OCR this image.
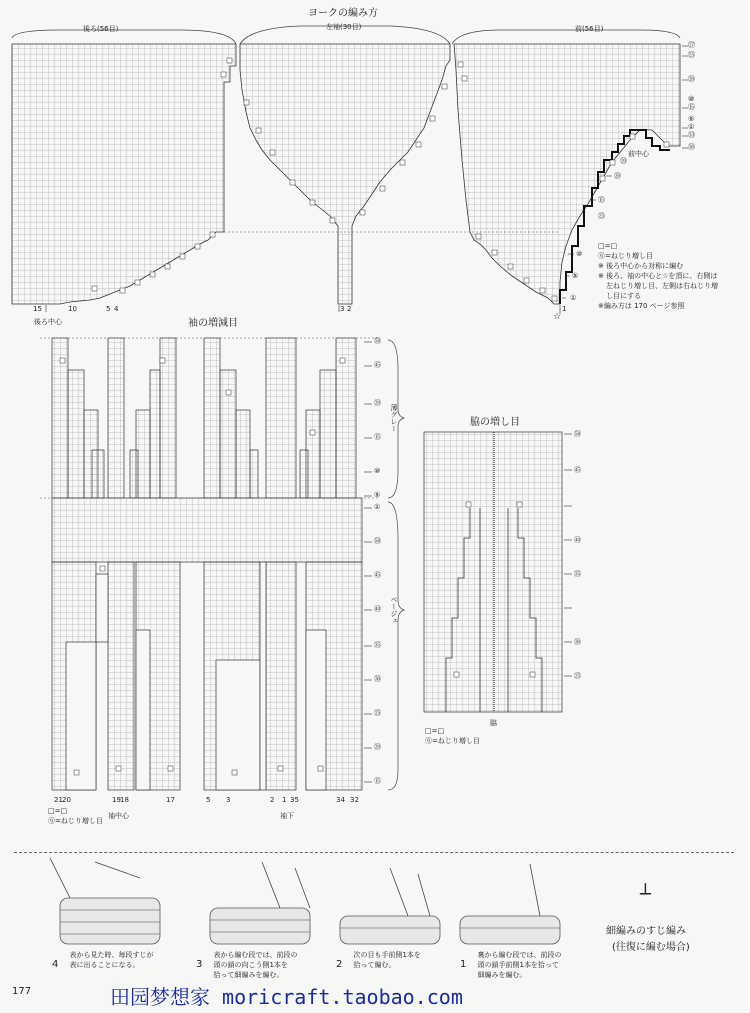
ヨークの編み方
後ろ(56目)	左袖(30目)	前(56目)
㉗
㉕
⑳
⑮
①
㉝
㉚
⑤
⑩
①
⑤
⑩
⑮
⑳
㉕
⑳
15	10	5 4	3 2	1
後ろ中心	☆
前中心
□=□
ⓠ=ねじり増し目
※ 後ろ中心から対称に編む
※ 後ろ、袖の中心と☆を頂に、右側は
左ねじり増し目、左側は右ねじり増
し目にする
※編み方は 170 ページ参照
袖の増減目
㊿
㊺
⑳
⑮
⑩
⑤
①
㊿
㊺
㊵
㉟
㉚
㉕
⑳
⑮
薄グレー
ベージュ
21 20	19 18	17	5 3	2 1 35	34 32
袖中心	袖下
□=□
ⓠ=ねじり増し目
脇の増し目
㊿
㊺
㊵
㉟
㉚
㉕
脇
□=□
ⓠ=ねじり増し目
┴
細編みのすじ編み
(往復に編む場合)
4
表から見た時、毎段すじが
表に出ることになる。	3
表から編む段では、前段の
頭の鎖の向こう側1本を
拾って細編みを編む。
2
次の目も手前側1本を
拾って編む。	1
裏から編む段では、前段の
頭の鎖手前側1本を拾って
細編みを編む。
177	田园梦想家 moricraft.taobao.com
